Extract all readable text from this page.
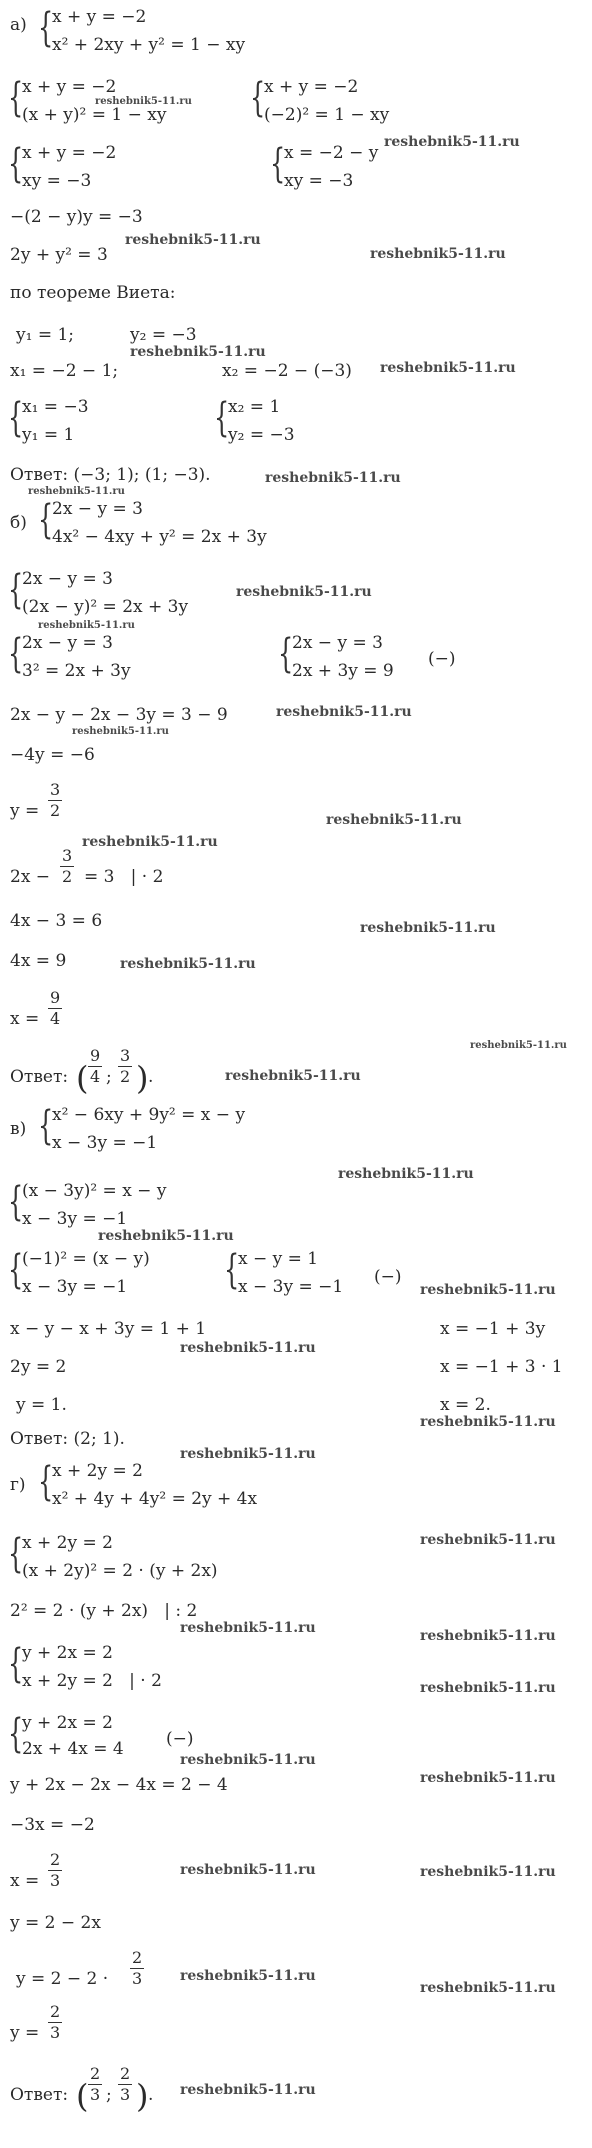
а) {
x + y = −2
x² + 2xy + y² = 1 − xy
{
x + y = −2
(x + y)² = 1 − xy
reshebnik5-11.ru {
x + y = −2
(−2)² = 1 − xy
{
x + y = −2
xy = −3	{
x = −2 − y
xy = −3
reshebnik5-11.ru
−(2 − y)y = −3
2y + y² = 3
reshebnik5-11.ru
reshebnik5-11.ru
по теореме Виета:
y₁ = 1;	y₂ = −3
reshebnik5-11.ru
x₁ = −2 − 1;	x₂ = −2 − (−3) reshebnik5-11.ru
{
x₁ = −3
y₁ = 1	{
x₂ = 1
y₂ = −3
Ответ: (−3; 1); (1; −3).	reshebnik5-11.ru
reshebnik5-11.ru
б) {
2x − y = 3
4x² − 4xy + y² = 2x + 3y
{
2x − y = 3
(2x − y)² = 2x + 3y
reshebnik5-11.ru
reshebnik5-11.ru
{
2x − y = 3
3² = 2x + 3y	{
2x − y = 3
2x + 3y = 9
(−)
2x − y − 2x − 3y = 3 − 9	reshebnik5-11.ru
reshebnik5-11.ru
−4y = −6
$y = \frac{3}{2}$	reshebnik5-11.ru
reshebnik5-11.ru
$2x - \frac{3}{2} = 3$   | · 2
4x − 3 = 6	reshebnik5-11.ru
4x = 9	reshebnik5-11.ru
$x = \frac{9}{4}$
reshebnik5-11.ru
Ответ: ( $\frac{9}{4}$ ; $\frac{3}{2}$ ) .	reshebnik5-11.ru
в) {
x² − 6xy + 9y² = x − y
x − 3y = −1
reshebnik5-11.ru
{
(x − 3y)² = x − y
x − 3y = −1
reshebnik5-11.ru
{
(−1)² = (x − y)
x − 3y = −1 {
x − y = 1
x − 3y = −1 (−)
reshebnik5-11.ru
x − y − x + 3y = 1 + 1	x = −1 + 3y
reshebnik5-11.ru
2y = 2	x = −1 + 3 · 1
y = 1.	x = 2.
reshebnik5-11.ru
Ответ: (2; 1).
reshebnik5-11.ru
г) {
x + 2y = 2
x² + 4y + 4y² = 2y + 4x
{
x + 2y = 2
(x + 2y)² = 2 · (y + 2x)
reshebnik5-11.ru
2² = 2 · (y + 2x)   | : 2
reshebnik5-11.ru	reshebnik5-11.ru
{
y + 2x = 2
x + 2y = 2   | · 2	reshebnik5-11.ru
{
y + 2x = 2
2x + 4x = 4 (−)
reshebnik5-11.ru
y + 2x − 2x − 4x = 2 − 4	reshebnik5-11.ru
−3x = −2
$x = \frac{2}{3}$	reshebnik5-11.ru	reshebnik5-11.ru
y = 2 − 2x
$y = 2 - 2 \cdot \frac{2}{3}$	reshebnik5-11.ru
reshebnik5-11.ru
$y = \frac{2}{3}$
Ответ: ( $\frac{2}{3}$ ; $\frac{2}{3}$ ) . reshebnik5-11.ru
